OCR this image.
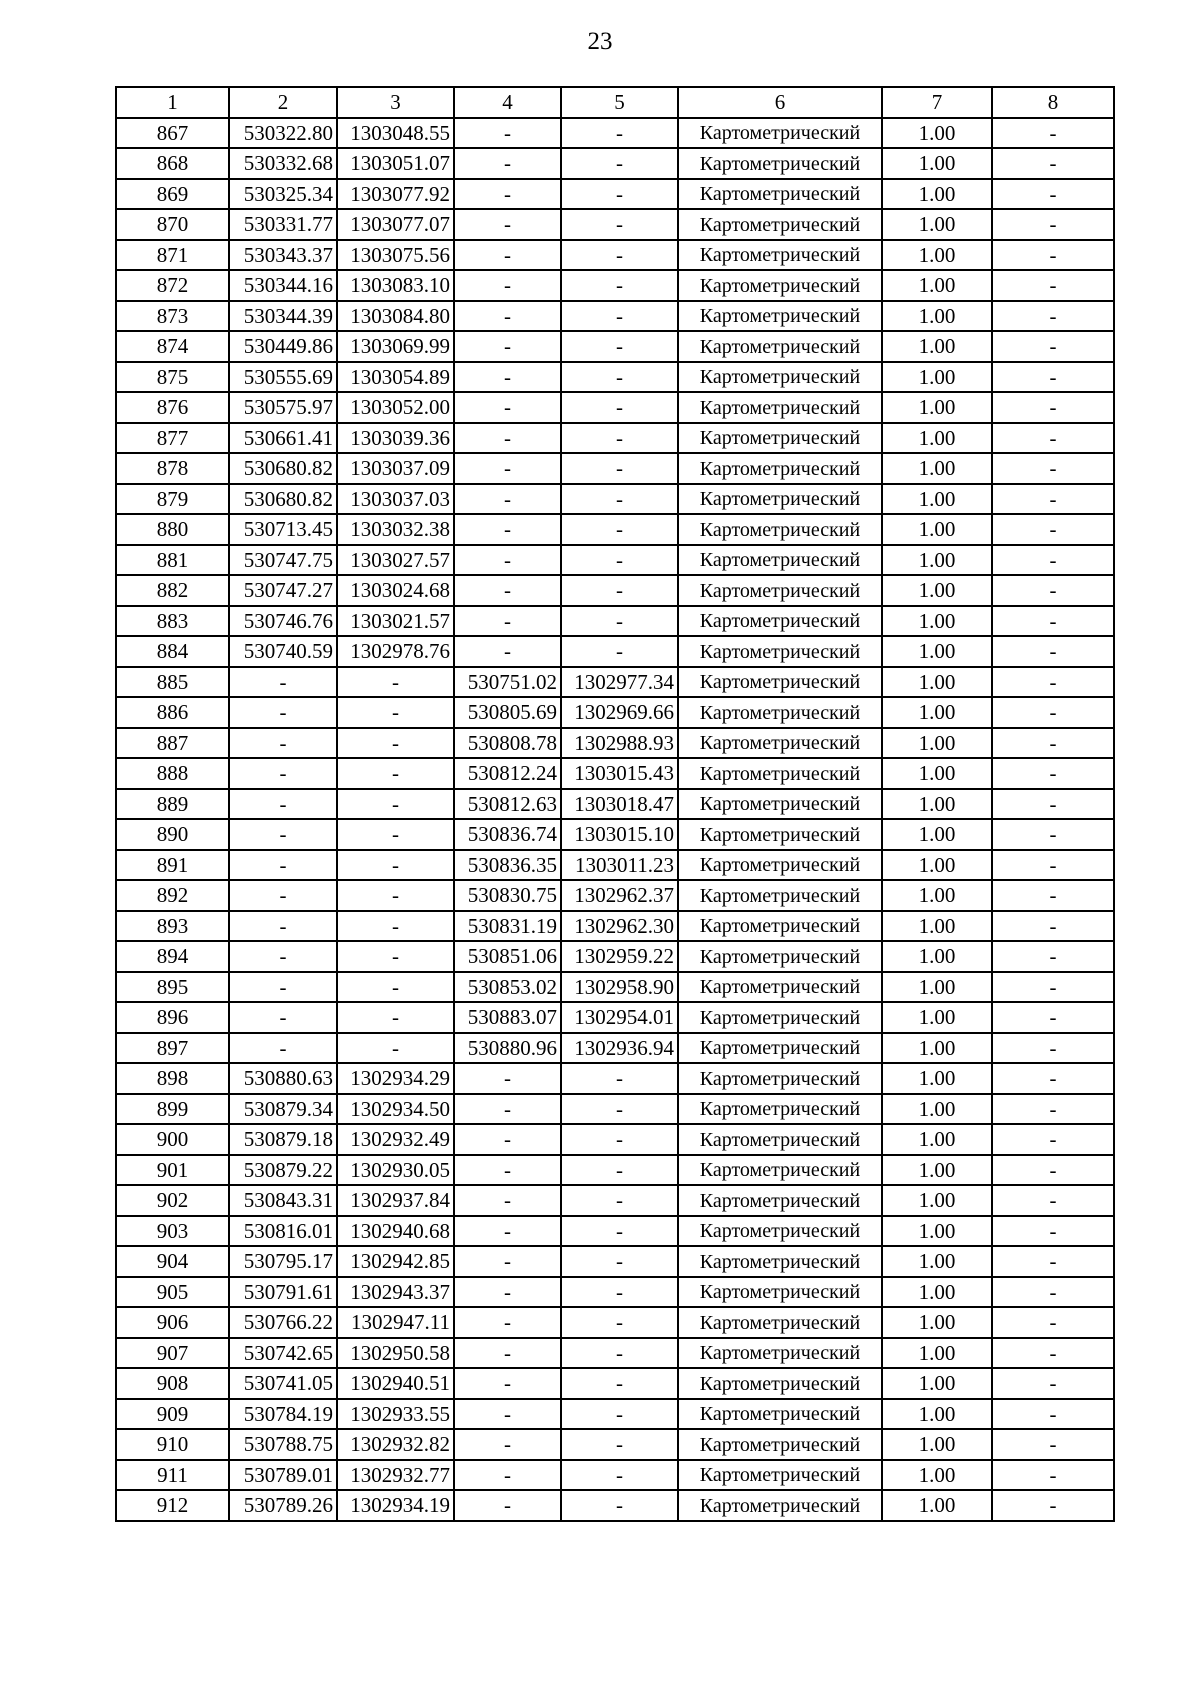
23
1	2	3	4	5	6	7	8
867	530322.80	1303048.55	-	-	Картометрический	1.00	-
868	530332.68	1303051.07	-	-	Картометрический	1.00	-
869	530325.34	1303077.92	-	-	Картометрический	1.00	-
870	530331.77	1303077.07	-	-	Картометрический	1.00	-
871	530343.37	1303075.56	-	-	Картометрический	1.00	-
872	530344.16	1303083.10	-	-	Картометрический	1.00	-
873	530344.39	1303084.80	-	-	Картометрический	1.00	-
874	530449.86	1303069.99	-	-	Картометрический	1.00	-
875	530555.69	1303054.89	-	-	Картометрический	1.00	-
876	530575.97	1303052.00	-	-	Картометрический	1.00	-
877	530661.41	1303039.36	-	-	Картометрический	1.00	-
878	530680.82	1303037.09	-	-	Картометрический	1.00	-
879	530680.82	1303037.03	-	-	Картометрический	1.00	-
880	530713.45	1303032.38	-	-	Картометрический	1.00	-
881	530747.75	1303027.57	-	-	Картометрический	1.00	-
882	530747.27	1303024.68	-	-	Картометрический	1.00	-
883	530746.76	1303021.57	-	-	Картометрический	1.00	-
884	530740.59	1302978.76	-	-	Картометрический	1.00	-
885	-	-	530751.02	1302977.34	Картометрический	1.00	-
886	-	-	530805.69	1302969.66	Картометрический	1.00	-
887	-	-	530808.78	1302988.93	Картометрический	1.00	-
888	-	-	530812.24	1303015.43	Картометрический	1.00	-
889	-	-	530812.63	1303018.47	Картометрический	1.00	-
890	-	-	530836.74	1303015.10	Картометрический	1.00	-
891	-	-	530836.35	1303011.23	Картометрический	1.00	-
892	-	-	530830.75	1302962.37	Картометрический	1.00	-
893	-	-	530831.19	1302962.30	Картометрический	1.00	-
894	-	-	530851.06	1302959.22	Картометрический	1.00	-
895	-	-	530853.02	1302958.90	Картометрический	1.00	-
896	-	-	530883.07	1302954.01	Картометрический	1.00	-
897	-	-	530880.96	1302936.94	Картометрический	1.00	-
898	530880.63	1302934.29	-	-	Картометрический	1.00	-
899	530879.34	1302934.50	-	-	Картометрический	1.00	-
900	530879.18	1302932.49	-	-	Картометрический	1.00	-
901	530879.22	1302930.05	-	-	Картометрический	1.00	-
902	530843.31	1302937.84	-	-	Картометрический	1.00	-
903	530816.01	1302940.68	-	-	Картометрический	1.00	-
904	530795.17	1302942.85	-	-	Картометрический	1.00	-
905	530791.61	1302943.37	-	-	Картометрический	1.00	-
906	530766.22	1302947.11	-	-	Картометрический	1.00	-
907	530742.65	1302950.58	-	-	Картометрический	1.00	-
908	530741.05	1302940.51	-	-	Картометрический	1.00	-
909	530784.19	1302933.55	-	-	Картометрический	1.00	-
910	530788.75	1302932.82	-	-	Картометрический	1.00	-
911	530789.01	1302932.77	-	-	Картометрический	1.00	-
912	530789.26	1302934.19	-	-	Картометрический	1.00	-
